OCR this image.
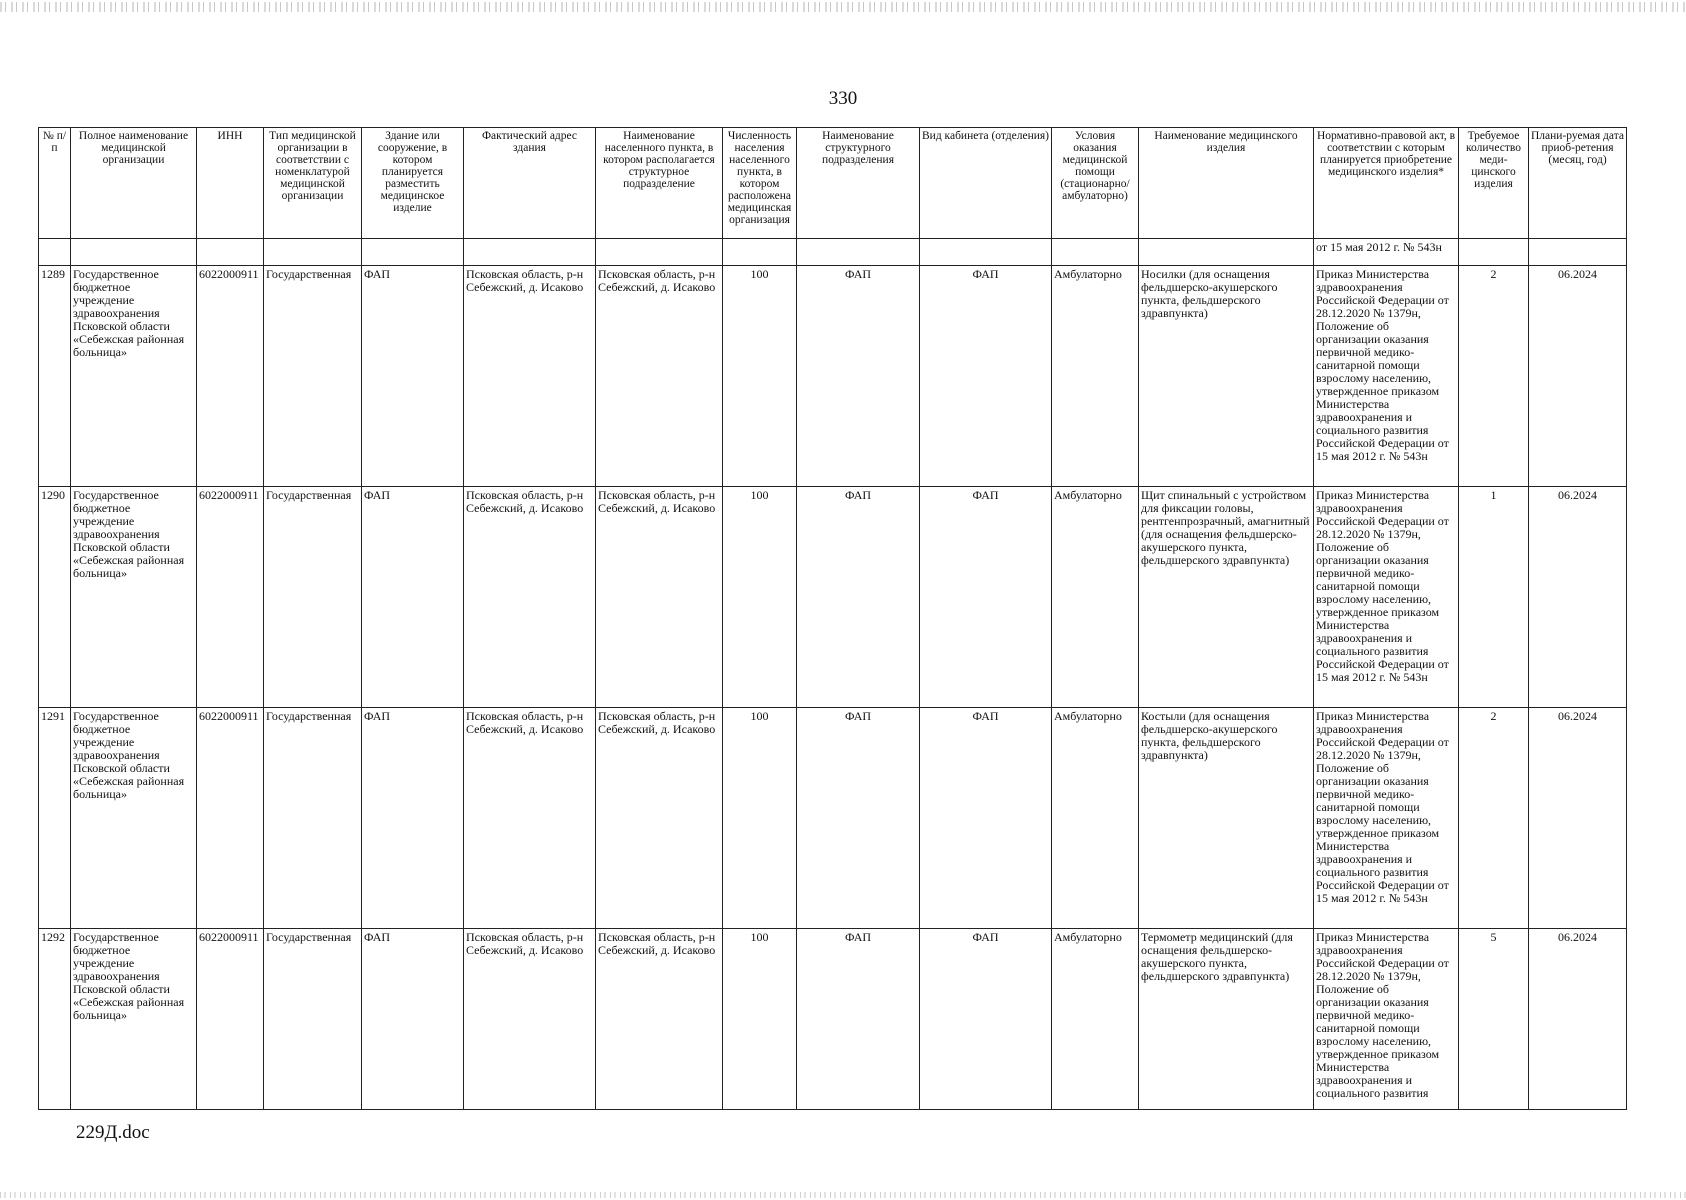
330
№ п/п	Полное наименование медицинской организации	ИНН	Тип медицинской организации в соответствии с номенклатурой медицинской организации	Здание или сооружение, в котором планируется разместить медицинское изделие	Фактический адрес здания	Наименование населенного пункта, в котором располагается структурное подразделение	Численность населения населенного пункта, в котором расположена медицинская организация	Наименование структурного подразделения	Вид кабинета (отделения)	Условия оказания медицинской помощи (стационарно/ амбулаторно)	Наименование медицинского изделия	Нормативно-правовой акт, в соответствии с которым планируется приобретение медицинского изделия*	Требуемое количество меди-цинского изделия	Плани-руемая дата приоб-ретения (месяц, год)
												от 15 мая 2012 г. № 543н		
1289	Государственное бюджетное учреждение здравоохранения Псковской области «Себежская районная больница»	6022000911	Государственная	ФАП	Псковская область, р-н Себежский, д. Исаково	Псковская область, р-н Себежский, д. Исаково	100	ФАП	ФАП	Амбулаторно	Носилки (для оснащения фельдшерско-акушерского пункта, фельдшерского здравпункта)	Приказ Министерства здравоохранения Российской Федерации от 28.12.2020 № 1379н, Положение об организации оказания первичной медико-санитарной помощи взрослому населению, утвержденное приказом Министерства здравоохранения и социального развития Российской Федерации от 15 мая 2012 г. № 543н	2	06.2024
1290	Государственное бюджетное учреждение здравоохранения Псковской области «Себежская районная больница»	6022000911	Государственная	ФАП	Псковская область, р-н Себежский, д. Исаково	Псковская область, р-н Себежский, д. Исаково	100	ФАП	ФАП	Амбулаторно	Щит спинальный с устройством для фиксации головы, рентгенпрозрачный, амагнитный (для оснащения фельдшерско-акушерского пункта, фельдшерского здравпункта)	Приказ Министерства здравоохранения Российской Федерации от 28.12.2020 № 1379н, Положение об организации оказания первичной медико-санитарной помощи взрослому населению, утвержденное приказом Министерства здравоохранения и социального развития Российской Федерации от 15 мая 2012 г. № 543н	1	06.2024
1291	Государственное бюджетное учреждение здравоохранения Псковской области «Себежская районная больница»	6022000911	Государственная	ФАП	Псковская область, р-н Себежский, д. Исаково	Псковская область, р-н Себежский, д. Исаково	100	ФАП	ФАП	Амбулаторно	Костыли (для оснащения фельдшерско-акушерского пункта, фельдшерского здравпункта)	Приказ Министерства здравоохранения Российской Федерации от 28.12.2020 № 1379н, Положение об организации оказания первичной медико-санитарной помощи взрослому населению, утвержденное приказом Министерства здравоохранения и социального развития Российской Федерации от 15 мая 2012 г. № 543н	2	06.2024
1292	Государственное бюджетное учреждение здравоохранения Псковской области «Себежская районная больница»	6022000911	Государственная	ФАП	Псковская область, р-н Себежский, д. Исаково	Псковская область, р-н Себежский, д. Исаково	100	ФАП	ФАП	Амбулаторно	Термометр медицинский (для оснащения фельдшерско-акушерского пункта, фельдшерского здравпункта)	Приказ Министерства здравоохранения Российской Федерации от 28.12.2020 № 1379н, Положение об организации оказания первичной медико-санитарной помощи взрослому населению, утвержденное приказом Министерства здравоохранения и социального развития	5	06.2024
229Д.doc
